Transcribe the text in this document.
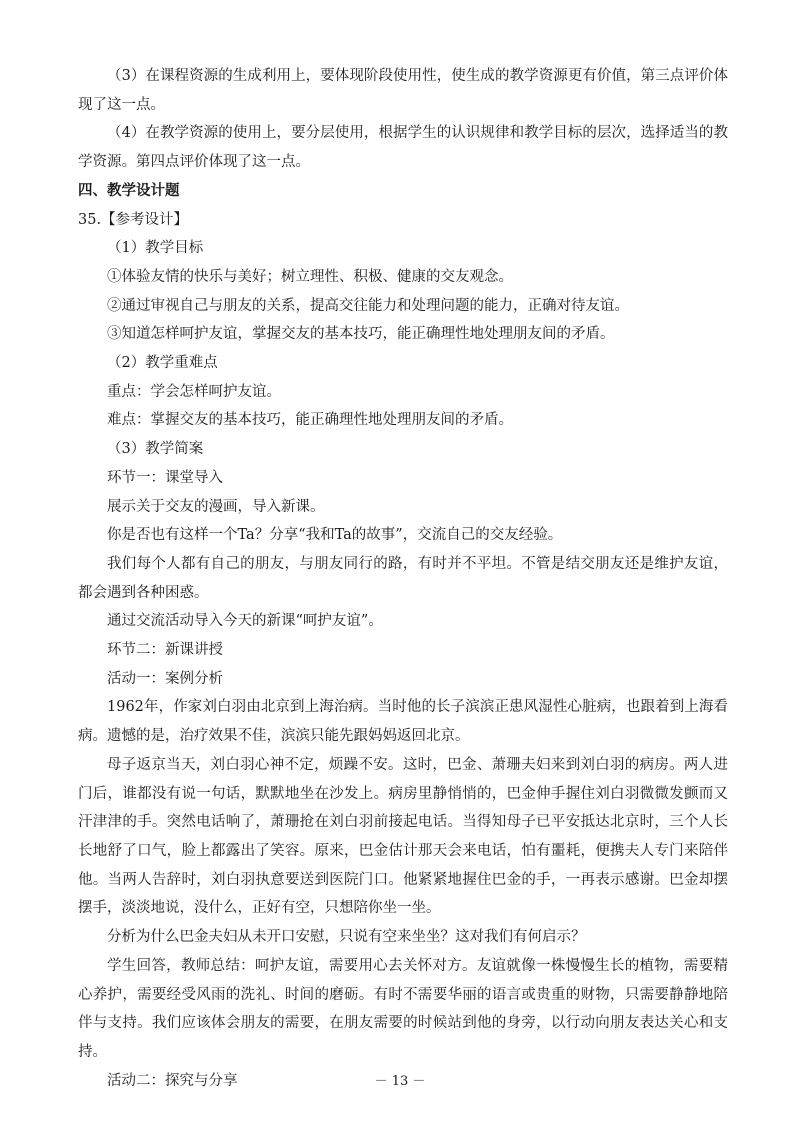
（3）在课程资源的生成利用上，要体现阶段使用性，使生成的教学资源更有价值，第三点评价体现了这一点。

（4）在教学资源的使用上，要分层使用，根据学生的认识规律和教学目标的层次，选择适当的教学资源。第四点评价体现了这一点。

四、教学设计题

35.【参考设计】

（1）教学目标

①体验友情的快乐与美好；树立理性、积极、健康的交友观念。

②通过审视自己与朋友的关系，提高交往能力和处理问题的能力，正确对待友谊。

③知道怎样呵护友谊，掌握交友的基本技巧，能正确理性地处理朋友间的矛盾。

（2）教学重难点

重点：学会怎样呵护友谊。

难点：掌握交友的基本技巧，能正确理性地处理朋友间的矛盾。

（3）教学简案

环节一：课堂导入

展示关于交友的漫画，导入新课。

你是否也有这样一个Ta？分享“我和Ta的故事”，交流自己的交友经验。

我们每个人都有自己的朋友，与朋友同行的路，有时并不平坦。不管是结交朋友还是维护友谊，都会遇到各种困惑。

通过交流活动导入今天的新课“呵护友谊”。

环节二：新课讲授

活动一：案例分析

1962年，作家刘白羽由北京到上海治病。当时他的长子滨滨正患风湿性心脏病，也跟着到上海看病。遗憾的是，治疗效果不佳，滨滨只能先跟妈妈返回北京。

母子返京当天，刘白羽心神不定，烦躁不安。这时，巴金、萧珊夫妇来到刘白羽的病房。两人进门后，谁都没有说一句话，默默地坐在沙发上。病房里静悄悄的，巴金伸手握住刘白羽微微发颤而又汗津津的手。突然电话响了，萧珊抢在刘白羽前接起电话。当得知母子已平安抵达北京时，三个人长长地舒了口气，脸上都露出了笑容。原来，巴金估计那天会来电话，怕有噩耗，便携夫人专门来陪伴他。当两人告辞时，刘白羽执意要送到医院门口。他紧紧地握住巴金的手，一再表示感谢。巴金却摆摆手，淡淡地说，没什么，正好有空，只想陪你坐一坐。

分析为什么巴金夫妇从未开口安慰，只说有空来坐坐？这对我们有何启示？

学生回答，教师总结：呵护友谊，需要用心去关怀对方。友谊就像一株慢慢生长的植物，需要精心养护，需要经受风雨的洗礼、时间的磨砺。有时不需要华丽的语言或贵重的财物，只需要静静地陪伴与支持。我们应该体会朋友的需要，在朋友需要的时候站到他的身旁，以行动向朋友表达关心和支持。

活动二：探究与分享	－ 13 －
